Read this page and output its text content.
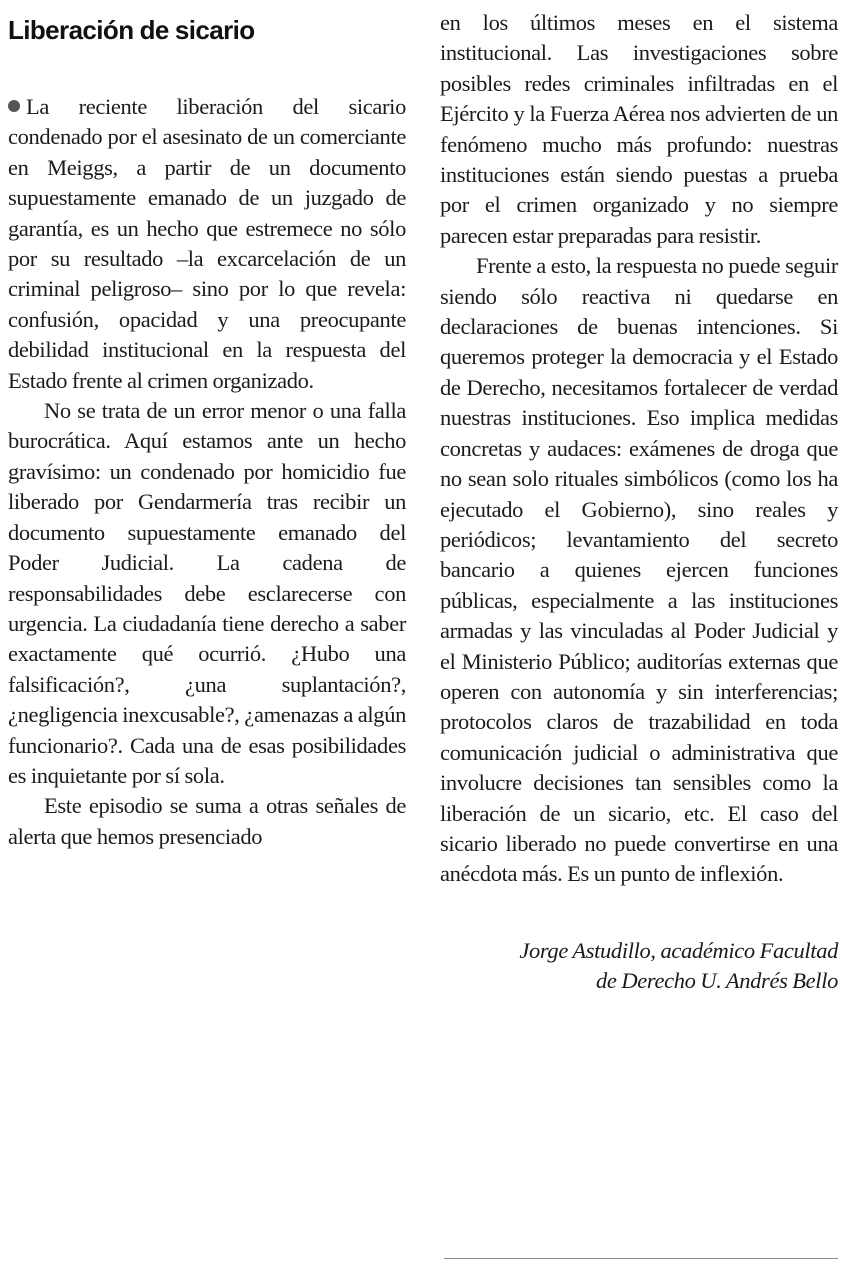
Liberación de sicario

La reciente liberación del sicario condenado por el asesinato de un comerciante en Meiggs, a partir de un documento supuestamente emanado de un juzgado de garantía, es un hecho que estremece no sólo por su resultado –la excarcelación de un criminal peligroso– sino por lo que revela: confusión, opacidad y una preocupante debilidad institucional en la respuesta del Estado frente al crimen organizado.

No se trata de un error menor o una falla burocrática. Aquí estamos ante un hecho gravísimo: un condenado por homicidio fue liberado por Gendarmería tras recibir un documento supuestamente emanado del Poder Judicial. La cadena de responsabilidades debe esclarecerse con urgencia. La ciudadanía tiene derecho a saber exactamente qué ocurrió. ¿Hubo una falsificación?, ¿una suplantación?, ¿negligencia inexcusable?, ¿amenazas a algún funcionario?. Cada una de esas posibilidades es inquietante por sí sola.

Este episodio se suma a otras señales de alerta que hemos presenciado

en los últimos meses en el sistema institucional. Las investigaciones sobre posibles redes criminales infiltradas en el Ejército y la Fuerza Aérea nos advierten de un fenómeno mucho más profundo: nuestras instituciones están siendo puestas a prueba por el crimen organizado y no siempre parecen estar preparadas para resistir.

Frente a esto, la respuesta no puede seguir siendo sólo reactiva ni quedarse en declaraciones de buenas intenciones. Si queremos proteger la democracia y el Estado de Derecho, necesitamos fortalecer de verdad nuestras instituciones. Eso implica medidas concretas y audaces: exámenes de droga que no sean solo rituales simbólicos (como los ha ejecutado el Gobierno), sino reales y periódicos; levantamiento del secreto bancario a quienes ejercen funciones públicas, especialmente a las instituciones armadas y las vinculadas al Poder Judicial y el Ministerio Público; auditorías externas que operen con autonomía y sin interferencias; protocolos claros de trazabilidad en toda comunicación judicial o administrativa que involucre decisiones tan sensibles como la liberación de un sicario, etc. El caso del sicario liberado no puede convertirse en una anécdota más. Es un punto de inflexión.

Jorge Astudillo, académico Facultad
de Derecho U. Andrés Bello
